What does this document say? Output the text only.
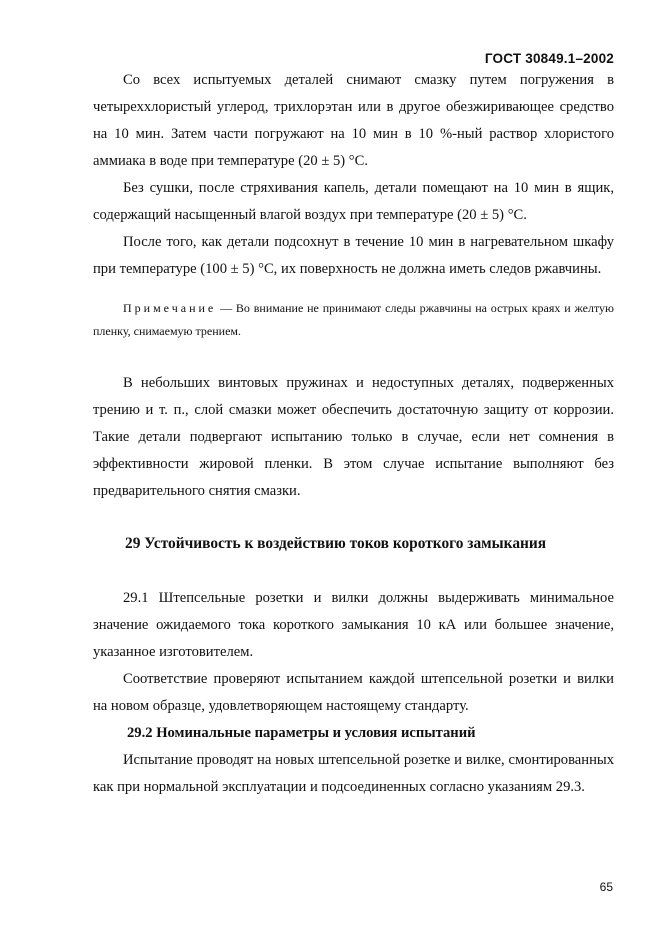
ГОСТ 30849.1–2002

Со всех испытуемых деталей снимают смазку путем погружения в четыреххлористый углерод, трихлорэтан или в другое обезжиривающее средство на 10 мин. Затем части погружают на 10 мин в 10 %-ный раствор хлористого аммиака в воде при температуре (20 ± 5) °С.

Без сушки, после стряхивания капель, детали помещают на 10 мин в ящик, содержащий насыщенный влагой воздух при температуре (20 ± 5) °С.

После того, как детали подсохнут в течение 10 мин в нагревательном шкафу при температуре (100 ± 5) °С, их поверхность не должна иметь следов ржавчины.

Примечание — Во внимание не принимают следы ржавчины на острых краях и желтую пленку, снимаемую трением.

В небольших винтовых пружинах и недоступных деталях, подверженных трению и т. п., слой смазки может обеспечить достаточную защиту от коррозии. Такие детали подвергают испытанию только в случае, если нет сомнения в эффективности жировой пленки. В этом случае испытание выполняют без предварительного снятия смазки.

29 Устойчивость к воздействию токов короткого замыкания

29.1 Штепсельные розетки и вилки должны выдерживать минимальное значение ожидаемого тока короткого замыкания 10 кА или большее значение, указанное изготовителем.

Соответствие проверяют испытанием каждой штепсельной розетки и вилки на новом образце, удовлетворяющем настоящему стандарту.

29.2 Номинальные параметры и условия испытаний

Испытание проводят на новых штепсельной розетке и вилке, смонтированных как при нормальной эксплуатации и подсоединенных согласно указаниям 29.3.

65
